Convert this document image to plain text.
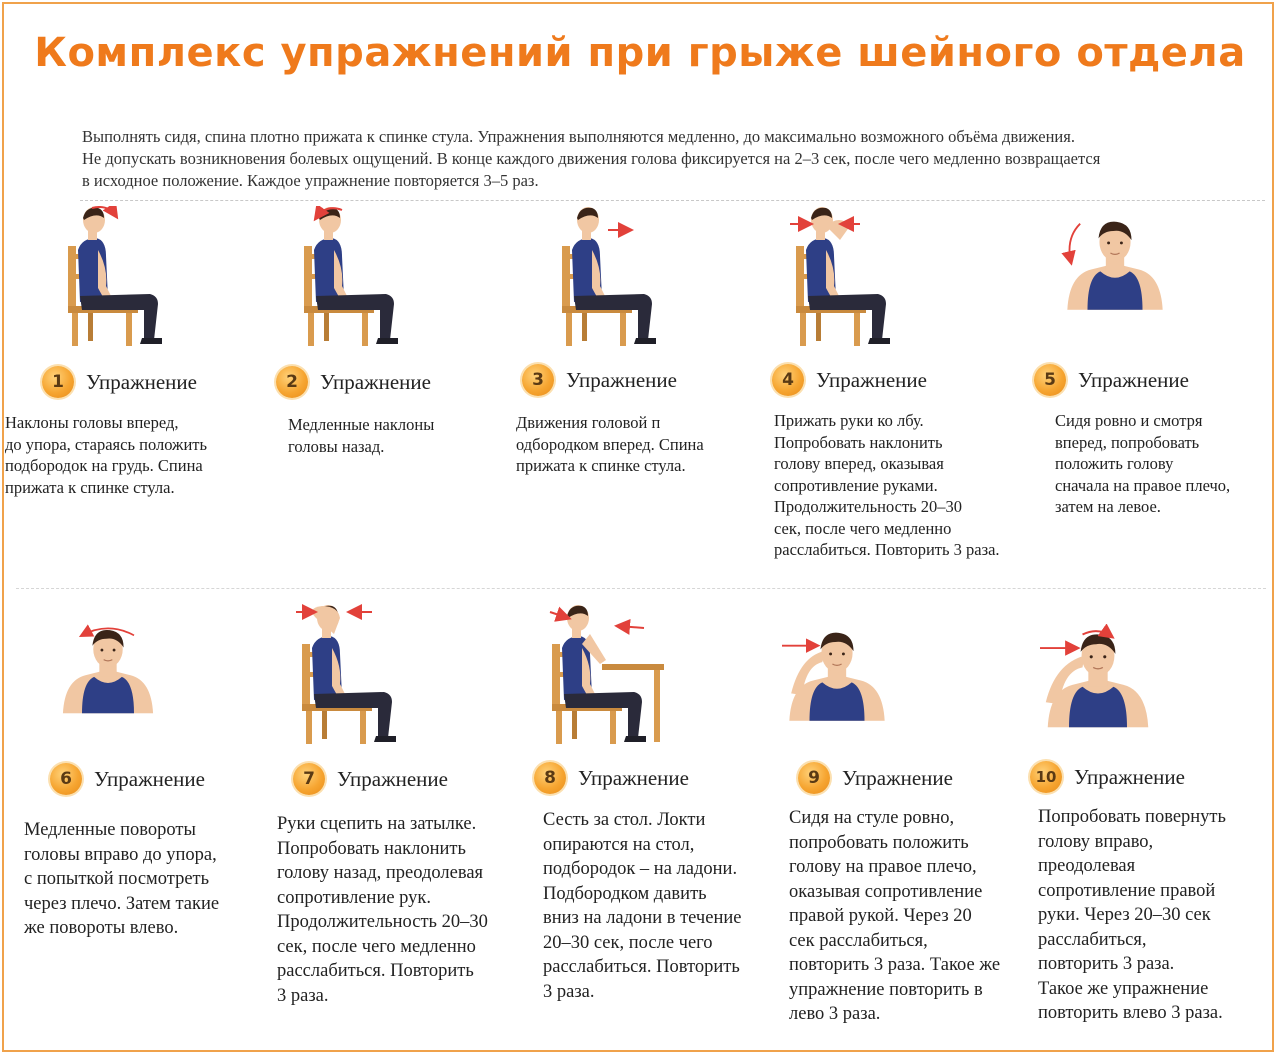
Комплекс упражнений при грыже шейного отдела

Выполнять сидя, спина плотно прижата к спинке стула. Упражнения выполняются медленно, до максимально возможного объёма движения.

Не допускать возникновения болевых ощущений. В конце каждого движения голова фиксируется на 2–3 сек, после чего медленно возвращается

в исходное положение. Каждое упражнение повторяется 3–5 раз.

1	Упражнение	2	Упражнение	3	Упражнение	4	Упражнение	5	Упражнение
Наклоны головы вперед,
до упора, стараясь положить
подбородок на грудь. Спина
прижата к спинке стула.
Медленные наклоны
головы назад.
Движения головой п
одбородком вперед. Спина
прижата к спинке стула.
Прижать руки ко лбу.
Попробовать наклонить
голову вперед, оказывая
сопротивление руками.
Продолжительность 20–30
сек, после чего медленно
расслабиться. Повторить 3 раза.
Сидя ровно и смотря
вперед, попробовать
положить голову
сначала на правое плечо,
затем на левое.
6	Упражнение	7	Упражнение	8	Упражнение	9	Упражнение	10 Упражнение
Медленные повороты
головы вправо до упора,
с попыткой посмотреть
через плечо. Затем такие
же повороты влево.
Руки сцепить на затылке.
Попробовать наклонить
голову назад, преодолевая
сопротивление рук.
Продолжительность 20–30
сек, после чего медленно
расслабиться. Повторить
3 раза.
Сесть за стол. Локти
опираются на стол,
подбородок – на ладони.
Подбородком давить
вниз на ладони в течение
20–30 сек, после чего
расслабиться. Повторить
3 раза.
Сидя на стуле ровно,
попробовать положить
голову на правое плечо,
оказывая сопротивление
правой рукой. Через 20
сек расслабиться,
повторить 3 раза. Такое же
упражнение повторить в
лево 3 раза.
Попробовать повернуть
голову вправо,
преодолевая
сопротивление правой
руки. Через 20–30 сек
расслабиться,
повторить 3 раза.
Такое же упражнение
повторить влево 3 раза.
